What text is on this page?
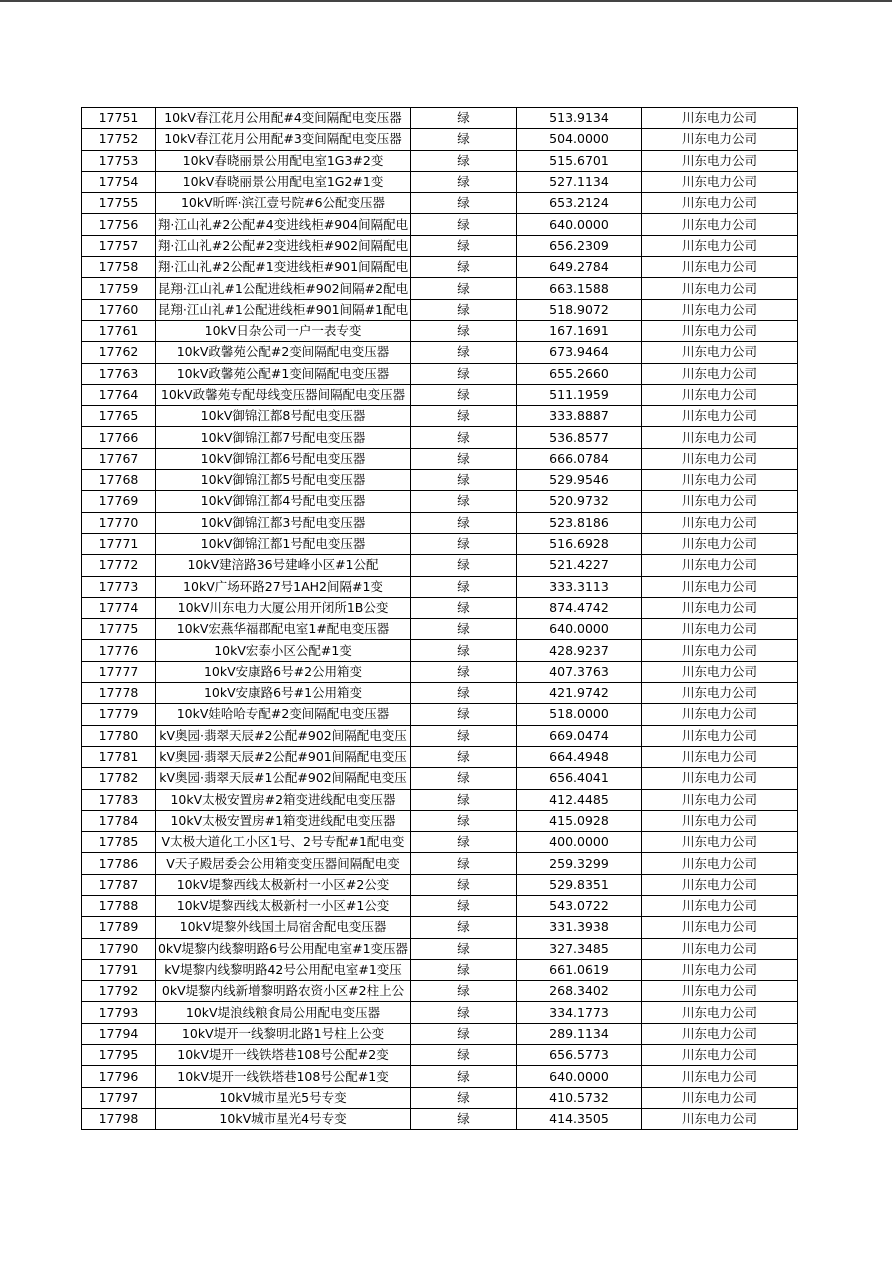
17751	10kV春江花月公用配#4变间隔配电变压器	绿	513.9134	川东电力公司
17752	10kV春江花月公用配#3变间隔配电变压器	绿	504.0000	川东电力公司
17753	10kV春晓丽景公用配电室1G3#2变	绿	515.6701	川东电力公司
17754	10kV春晓丽景公用配电室1G2#1变	绿	527.1134	川东电力公司
17755	10kV昕晖·滨江壹号院#6公配变压器	绿	653.2124	川东电力公司
17756	翔·江山礼#2公配#4变进线柜#904间隔配电	绿	640.0000	川东电力公司
17757	翔·江山礼#2公配#2变进线柜#902间隔配电	绿	656.2309	川东电力公司
17758	翔·江山礼#2公配#1变进线柜#901间隔配电	绿	649.2784	川东电力公司
17759	昆翔·江山礼#1公配进线柜#902间隔#2配电	绿	663.1588	川东电力公司
17760	昆翔·江山礼#1公配进线柜#901间隔#1配电	绿	518.9072	川东电力公司
17761	10kV日杂公司一户一表专变	绿	167.1691	川东电力公司
17762	10kV政馨苑公配#2变间隔配电变压器	绿	673.9464	川东电力公司
17763	10kV政馨苑公配#1变间隔配电变压器	绿	655.2660	川东电力公司
17764	10kV政馨苑专配母线变压器间隔配电变压器	绿	511.1959	川东电力公司
17765	10kV御锦江都8号配电变压器	绿	333.8887	川东电力公司
17766	10kV御锦江都7号配电变压器	绿	536.8577	川东电力公司
17767	10kV御锦江都6号配电变压器	绿	666.0784	川东电力公司
17768	10kV御锦江都5号配电变压器	绿	529.9546	川东电力公司
17769	10kV御锦江都4号配电变压器	绿	520.9732	川东电力公司
17770	10kV御锦江都3号配电变压器	绿	523.8186	川东电力公司
17771	10kV御锦江都1号配电变压器	绿	516.6928	川东电力公司
17772	10kV建涪路36号建峰小区#1公配	绿	521.4227	川东电力公司
17773	10kV广场环路27号1AH2间隔#1变	绿	333.3113	川东电力公司
17774	10kV川东电力大厦公用开闭所1B公变	绿	874.4742	川东电力公司
17775	10kV宏燕华福郡配电室1#配电变压器	绿	640.0000	川东电力公司
17776	10kV宏泰小区公配#1变	绿	428.9237	川东电力公司
17777	10kV安康路6号#2公用箱变	绿	407.3763	川东电力公司
17778	10kV安康路6号#1公用箱变	绿	421.9742	川东电力公司
17779	10kV娃哈哈专配#2变间隔配电变压器	绿	518.0000	川东电力公司
17780	kV奥园·翡翠天辰#2公配#902间隔配电变压	绿	669.0474	川东电力公司
17781	kV奥园·翡翠天辰#2公配#901间隔配电变压	绿	664.4948	川东电力公司
17782	kV奥园·翡翠天辰#1公配#902间隔配电变压	绿	656.4041	川东电力公司
17783	10kV太极安置房#2箱变进线配电变压器	绿	412.4485	川东电力公司
17784	10kV太极安置房#1箱变进线配电变压器	绿	415.0928	川东电力公司
17785	V太极大道化工小区1号、2号专配#1配电变	绿	400.0000	川东电力公司
17786	V天子殿居委会公用箱变变压器间隔配电变	绿	259.3299	川东电力公司
17787	10kV堤黎西线太极新村一小区#2公变	绿	529.8351	川东电力公司
17788	10kV堤黎西线太极新村一小区#1公变	绿	543.0722	川东电力公司
17789	10kV堤黎外线国土局宿舍配电变压器	绿	331.3938	川东电力公司
17790	0kV堤黎内线黎明路6号公用配电室#1变压器	绿	327.3485	川东电力公司
17791	kV堤黎内线黎明路42号公用配电室#1变压	绿	661.0619	川东电力公司
17792	0kV堤黎内线新增黎明路农资小区#2柱上公	绿	268.3402	川东电力公司
17793	10kV堤浪线粮食局公用配电变压器	绿	334.1773	川东电力公司
17794	10kV堤开一线黎明北路1号柱上公变	绿	289.1134	川东电力公司
17795	10kV堤开一线铁塔巷108号公配#2变	绿	656.5773	川东电力公司
17796	10kV堤开一线铁塔巷108号公配#1变	绿	640.0000	川东电力公司
17797	10kV城市星光5号专变	绿	410.5732	川东电力公司
17798	10kV城市星光4号专变	绿	414.3505	川东电力公司
